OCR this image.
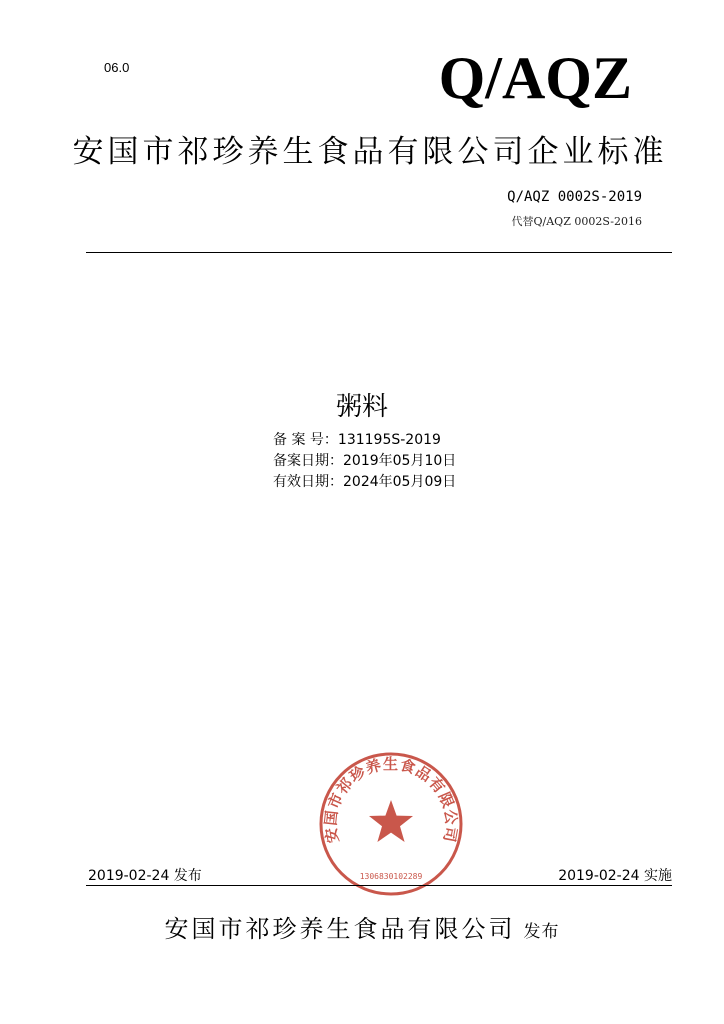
06.0	Q/AQZ
安国市祁珍养生食品有限公司企业标准
Q/AQZ 0002S-2019
代替Q/AQZ 0002S-2016
粥料
备 案 号：131195S-2019
备案日期：2019年05月10日
有效日期：2024年05月09日
安国市祁珍养生食品有限公司
1306830102289
2019-02-24 发布	2019-02-24 实施
安国市祁珍养生食品有限公司 发布
